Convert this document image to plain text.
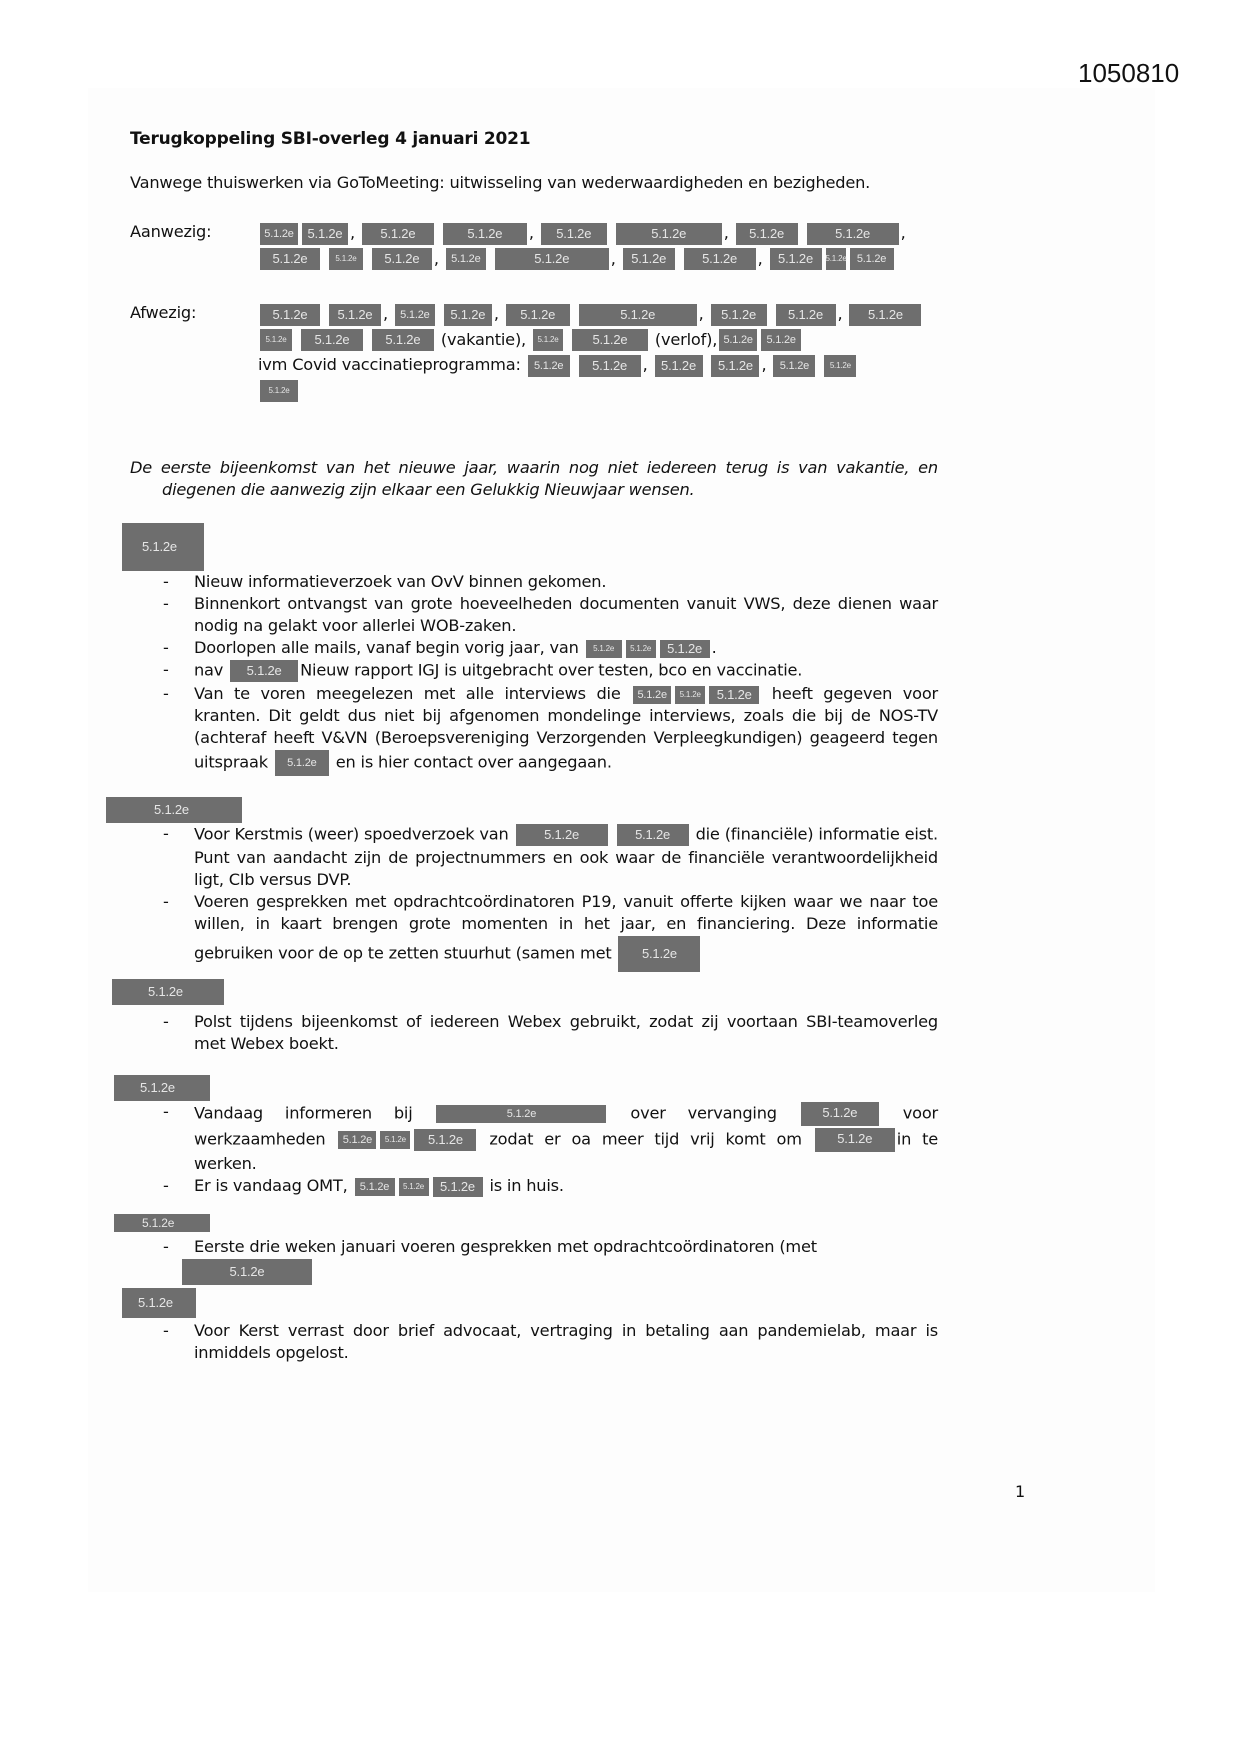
1050810
Terugkoppeling SBI-overleg 4 januari 2021

Vanwege thuiswerken via GoToMeeting: uitwisseling van wederwaardigheden en bezigheden.

Aanwezig:	5.1.2e 5.1.2e , 5.1.2e	5.1.2e , 5.1.2e	5.1.2e , 5.1.2e	5.1.2e ,
5.1.2e	5.1.2e 5.1.2e , 5.1.2e	5.1.2e	, 5.1.2e	5.1.2e , 5.1.2e 5.1.2e 5.1.2e
Afwezig:	5.1.2e 5.1.2e , 5.1.2e 5.1.2e , 5.1.2e	5.1.2e	, 5.1.2e 5.1.2e , 5.1.2e
5.1.2e 5.1.2e	5.1.2e (vakantie), 5.1.2e	5.1.2e (verlof), 5.1.2e 5.1.2e
ivm Covid vaccinatieprogramma: 5.1.2e 5.1.2e , 5.1.2e 5.1.2e , 5.1.2e	5.1.2e
5.1.2e

De eerste bijeenkomst van het nieuwe jaar, waarin nog niet iedereen terug is van vakantie, en diegenen die aanwezig zijn elkaar een Gelukkig Nieuwjaar wensen.

5.1.2e
- Nieuw informatieverzoek van OvV binnen gekomen.
- Binnenkort ontvangst van grote hoeveelheden documenten vanuit VWS, deze dienen waar nodig na gelakt voor allerlei WOB-zaken.
- Doorlopen alle mails, vanaf begin vorig jaar, van 5.1.2e 5.1.2e 5.1.2e .
- nav 5.1.2e Nieuw rapport IGJ is uitgebracht over testen, bco en vaccinatie.
- Van te voren meegelezen met alle interviews die 5.1.2e 5.1.2e 5.1.2e heeft gegeven voor kranten. Dit geldt dus niet bij afgenomen mondelinge interviews, zoals die bij de NOS-TV (achteraf heeft V&VN (Beroepsvereniging Verzorgenden Verpleegkundigen) geageerd tegen uitspraak 5.1.2e en is hier contact over aangegaan.
5.1.2e
- Voor Kerstmis (weer) spoedverzoek van	5.1.2e	5.1.2e die (financiële) informatie eist. Punt van aandacht zijn de projectnummers en ook waar de financiële verantwoordelijkheid ligt, CIb versus DVP.
- Voeren gesprekken met opdrachtcoördinatoren P19, vanuit offerte kijken waar we naar toe willen, in kaart brengen grote momenten in het jaar, en financiering. Deze informatie gebruiken voor de op te zetten stuurhut (samen met 5.1.2e
5.1.2e
- Polst tijdens bijeenkomst of iedereen Webex gebruikt, zodat zij voortaan SBI-teamoverleg met Webex boekt.
5.1.2e
- Vandaag informeren bij	5.1.2e	over vervanging	5.1.2e	voor werkzaamheden 5.1.2e 5.1.2e 5.1.2e zodat er oa meer tijd vrij komt om	5.1.2e in te werken.
- Er is vandaag OMT, 5.1.2e 5.1.2e 5.1.2e is in huis.
5.1.2e
- Eerste drie weken januari voeren gesprekken met opdrachtcoördinatoren (met
5.1.2e
5.1.2e
- Voor Kerst verrast door brief advocaat, vertraging in betaling aan pandemielab, maar is inmiddels opgelost.
1
